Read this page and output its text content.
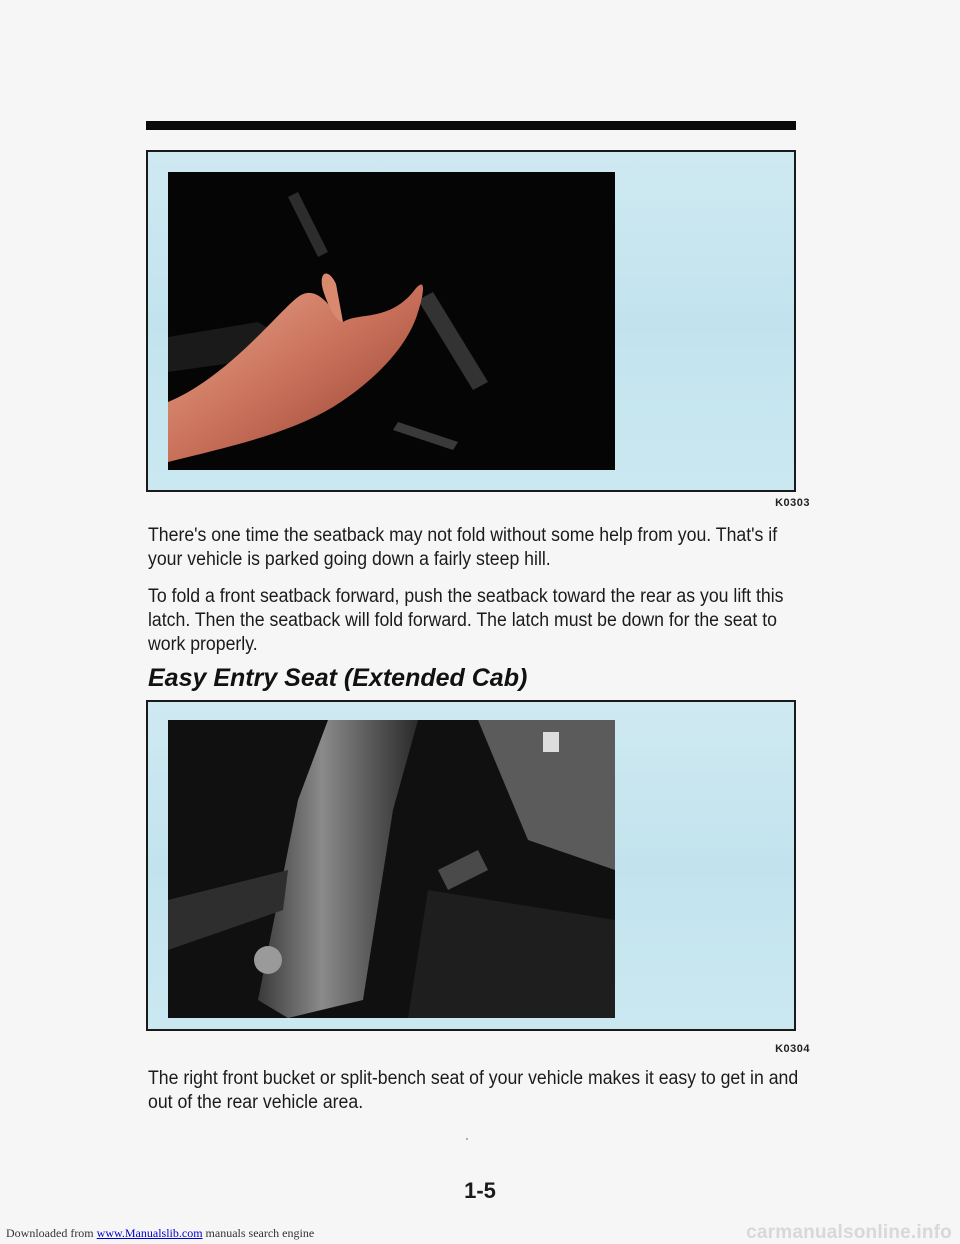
K0303

There's one time the seatback may not fold without some help from you. That's if your vehicle is parked going down a fairly steep hill.

To fold a front seatback forward, push the seatback toward the rear as you lift this latch. Then the seatback will fold forward. The latch must be down for the seat to work properly.

Easy Entry Seat (Extended Cab)
K0304

The right front bucket or split-bench seat of your vehicle makes it easy to get in and out of the rear vehicle area.

1-5
Downloaded from www.Manualslib.com manuals search engine	carmanualsonline.info
